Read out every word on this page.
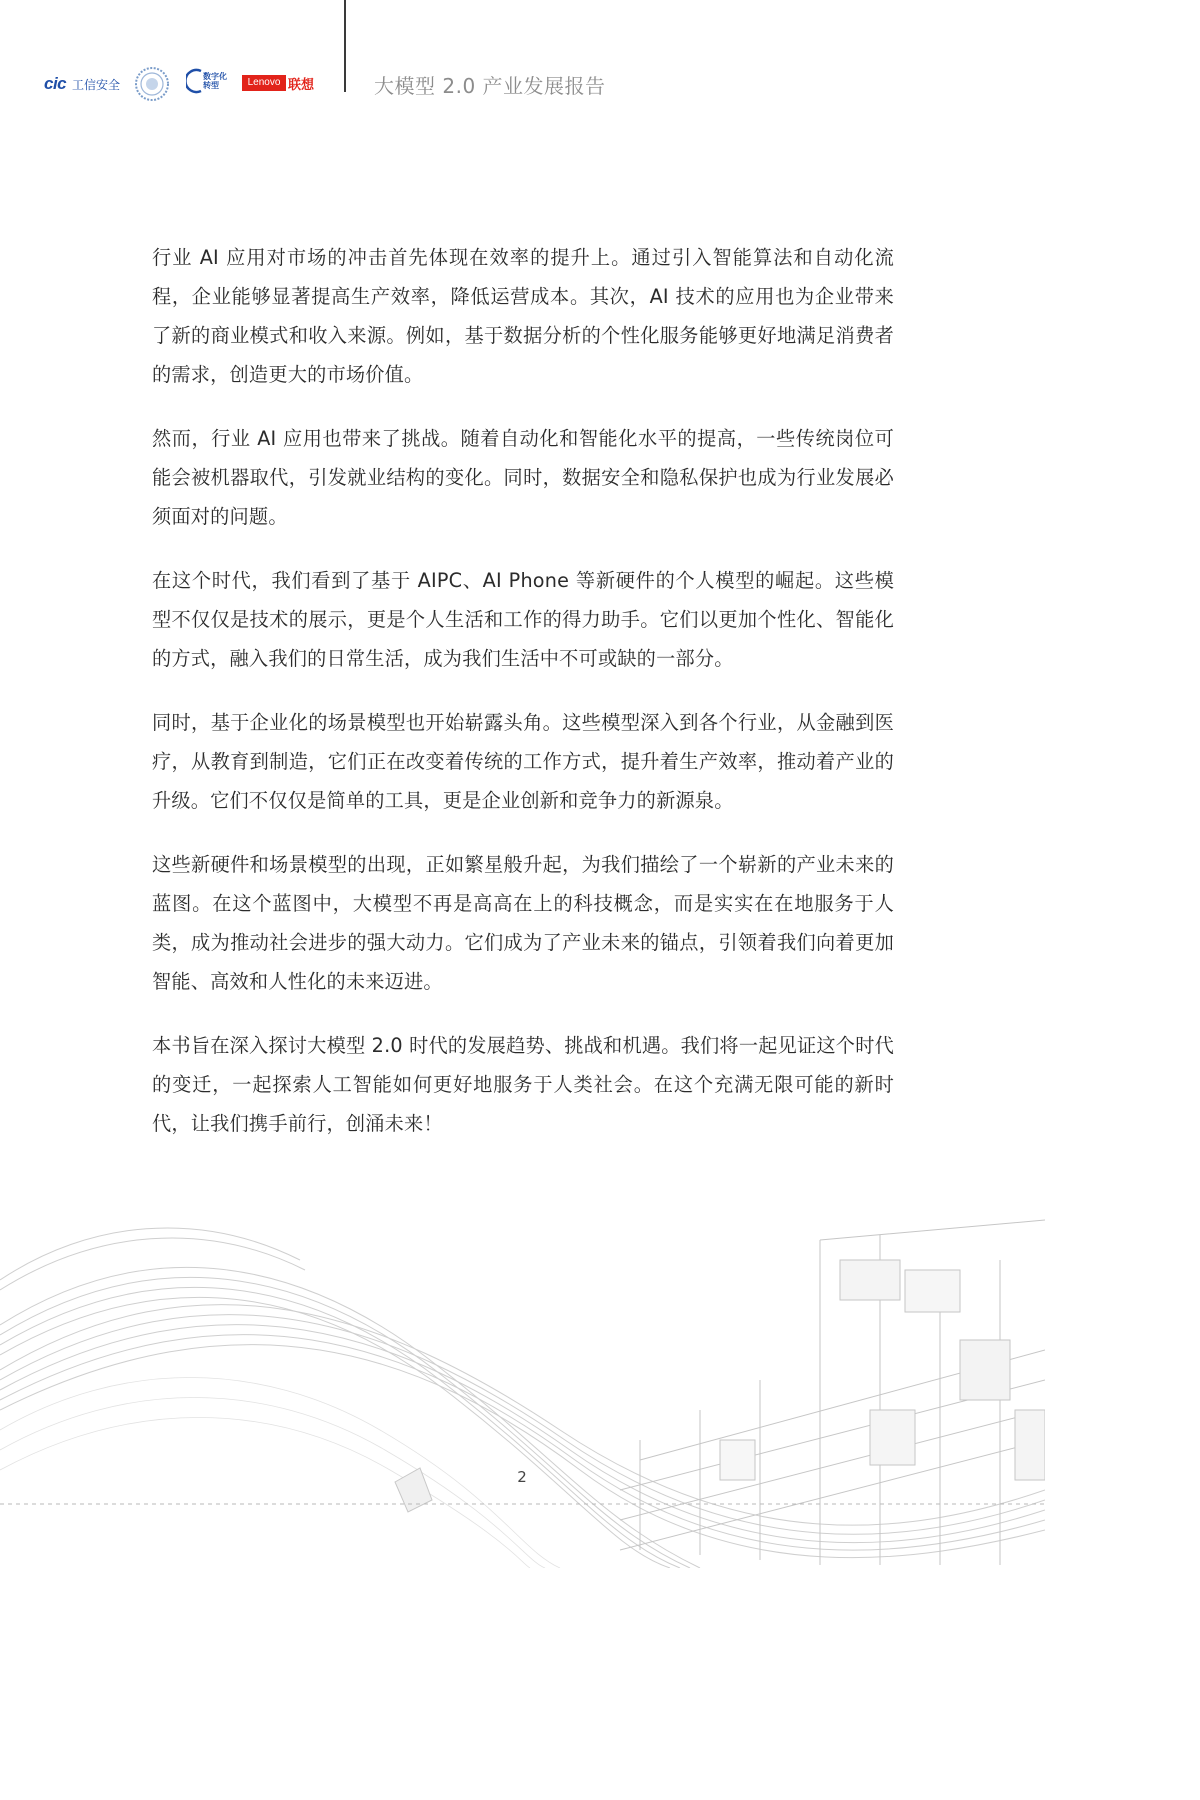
cic 工信安全
数字化转型	Lenovo 联想	大模型 2.0 产业发展报告

行业 AI 应用对市场的冲击首先体现在效率的提升上。通过引入智能算法和自动化流程，企业能够显著提高生产效率，降低运营成本。其次，AI 技术的应用也为企业带来了新的商业模式和收入来源。例如，基于数据分析的个性化服务能够更好地满足消费者的需求，创造更大的市场价值。

然而，行业 AI 应用也带来了挑战。随着自动化和智能化水平的提高，一些传统岗位可能会被机器取代，引发就业结构的变化。同时，数据安全和隐私保护也成为行业发展必须面对的问题。

在这个时代，我们看到了基于 AIPC、AI Phone 等新硬件的个人模型的崛起。这些模型不仅仅是技术的展示，更是个人生活和工作的得力助手。它们以更加个性化、智能化的方式，融入我们的日常生活，成为我们生活中不可或缺的一部分。

同时，基于企业化的场景模型也开始崭露头角。这些模型深入到各个行业，从金融到医疗，从教育到制造，它们正在改变着传统的工作方式，提升着生产效率，推动着产业的升级。它们不仅仅是简单的工具，更是企业创新和竞争力的新源泉。

这些新硬件和场景模型的出现，正如繁星般升起，为我们描绘了一个崭新的产业未来的蓝图。在这个蓝图中，大模型不再是高高在上的科技概念，而是实实在在地服务于人类，成为推动社会进步的强大动力。它们成为了产业未来的锚点，引领着我们向着更加智能、高效和人性化的未来迈进。

本书旨在深入探讨大模型 2.0 时代的发展趋势、挑战和机遇。我们将一起见证这个时代的变迁，一起探索人工智能如何更好地服务于人类社会。在这个充满无限可能的新时代，让我们携手前行，创涌未来！

2
